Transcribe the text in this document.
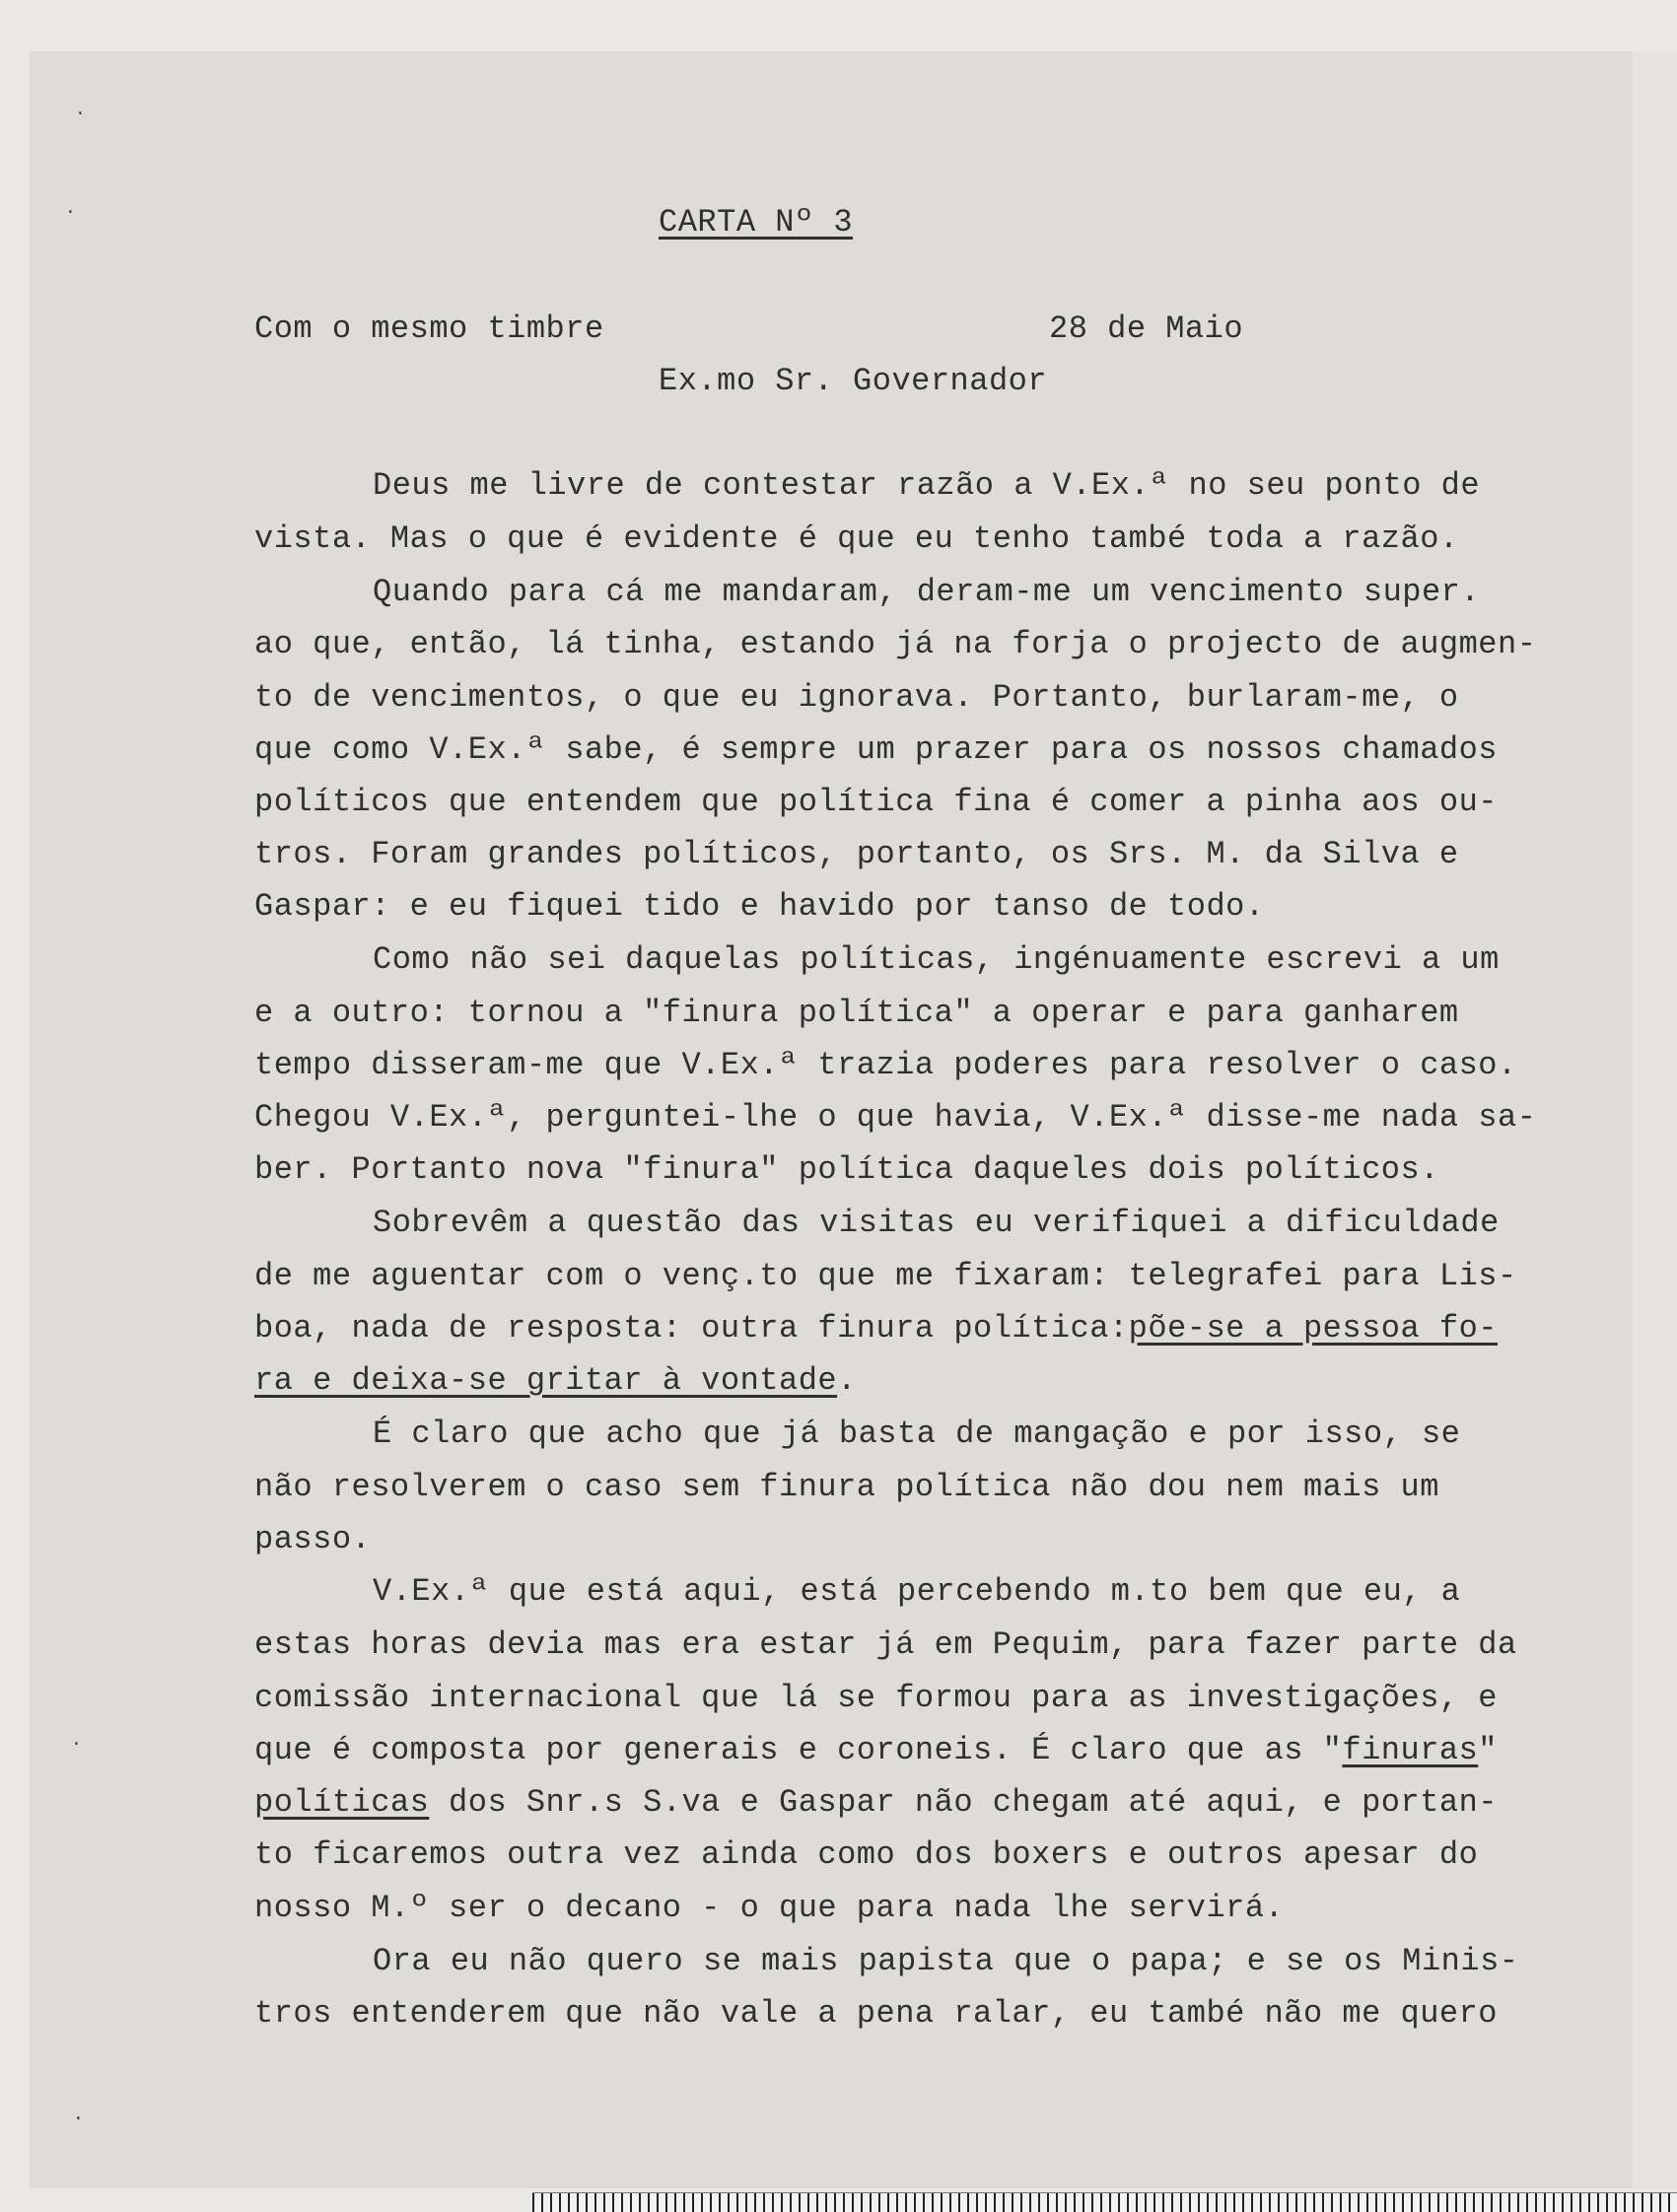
·
·
·
·
CARTA Nº 3
Com o mesmo timbre	28 de Maio
Ex.mo Sr. Governador
Deus me livre de contestar razão a V.Ex.ª no seu ponto de
vista. Mas o que é evidente é que eu tenho també toda a razão.
Quando para cá me mandaram, deram-me um vencimento super.
ao que, então, lá tinha, estando já na forja o projecto de augmen-
to de vencimentos, o que eu ignorava. Portanto, burlaram-me, o
que como V.Ex.ª sabe, é sempre um prazer para os nossos chamados
políticos que entendem que política fina é comer a pinha aos ou-
tros. Foram grandes políticos, portanto, os Srs. M. da Silva e
Gaspar: e eu fiquei tido e havido por tanso de todo.
Como não sei daquelas políticas, ingénuamente escrevi a um
e a outro: tornou a "finura política" a operar e para ganharem
tempo disseram-me que V.Ex.ª trazia poderes para resolver o caso.
Chegou V.Ex.ª, perguntei-lhe o que havia, V.Ex.ª disse-me nada sa-
ber. Portanto nova "finura" política daqueles dois políticos.
Sobrevêm a questão das visitas eu verifiquei a dificuldade
de me aguentar com o venç.to que me fixaram: telegrafei para Lis-
boa, nada de resposta: outra finura política:põe-se a pessoa fo-
ra e deixa-se gritar à vontade.
É claro que acho que já basta de mangação e por isso, se
não resolverem o caso sem finura política não dou nem mais um
passo.
V.Ex.ª que está aqui, está percebendo m.to bem que eu, a
estas horas devia mas era estar já em Pequim, para fazer parte da
comissão internacional que lá se formou para as investigações, e
que é composta por generais e coroneis. É claro que as "finuras"
políticas dos Snr.s S.va e Gaspar não chegam até aqui, e portan-
to ficaremos outra vez ainda como dos boxers e outros apesar do
nosso M.º ser o decano - o que para nada lhe servirá.
Ora eu não quero se mais papista que o papa; e se os Minis-
tros entenderem que não vale a pena ralar, eu també não me quero
